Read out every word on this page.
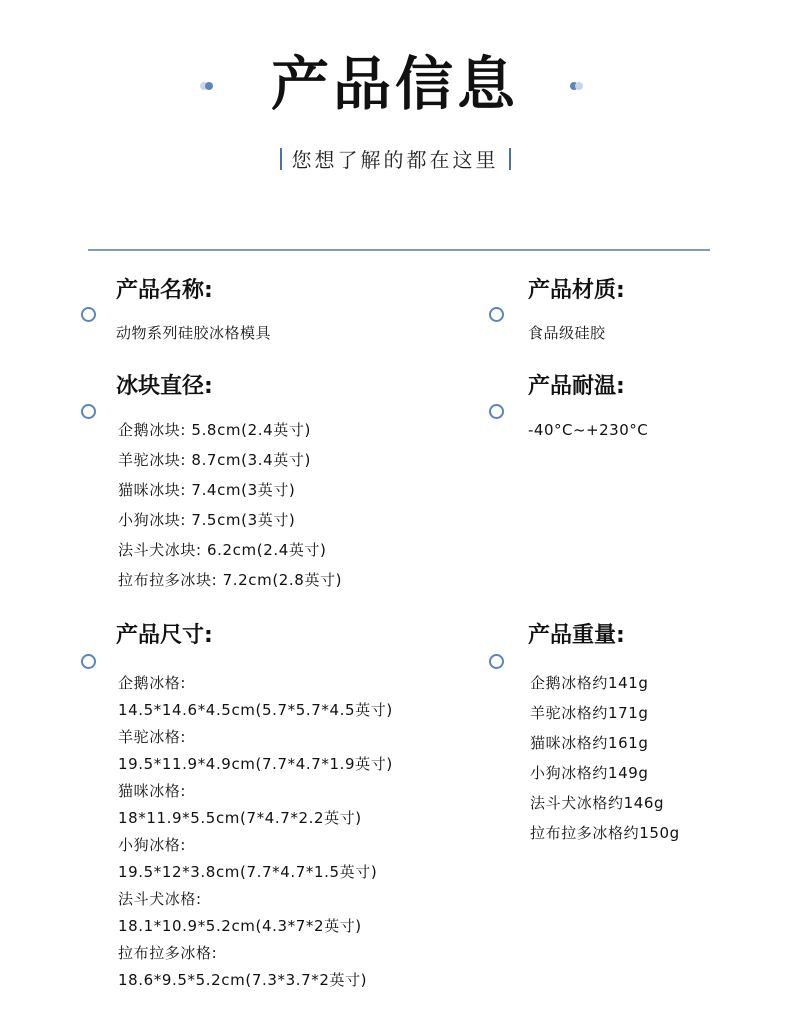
产品信息
您想了解的都在这里
产品名称:
动物系列硅胶冰格模具
产品材质:
食品级硅胶
冰块直径:
企鹅冰块: 5.8cm(2.4英寸)
羊驼冰块: 8.7cm(3.4英寸)
猫咪冰块: 7.4cm(3英寸)
小狗冰块: 7.5cm(3英寸)
法斗犬冰块: 6.2cm(2.4英寸)
拉布拉多冰块: 7.2cm(2.8英寸)
产品耐温:
-40°C~+230°C
产品尺寸:
企鹅冰格:
14.5*14.6*4.5cm(5.7*5.7*4.5英寸)
羊驼冰格:
19.5*11.9*4.9cm(7.7*4.7*1.9英寸)
猫咪冰格:
18*11.9*5.5cm(7*4.7*2.2英寸)
小狗冰格:
19.5*12*3.8cm(7.7*4.7*1.5英寸)
法斗犬冰格:
18.1*10.9*5.2cm(4.3*7*2英寸)
拉布拉多冰格:
18.6*9.5*5.2cm(7.3*3.7*2英寸)
产品重量:
企鹅冰格约141g
羊驼冰格约171g
猫咪冰格约161g
小狗冰格约149g
法斗犬冰格约146g
拉布拉多冰格约150g
